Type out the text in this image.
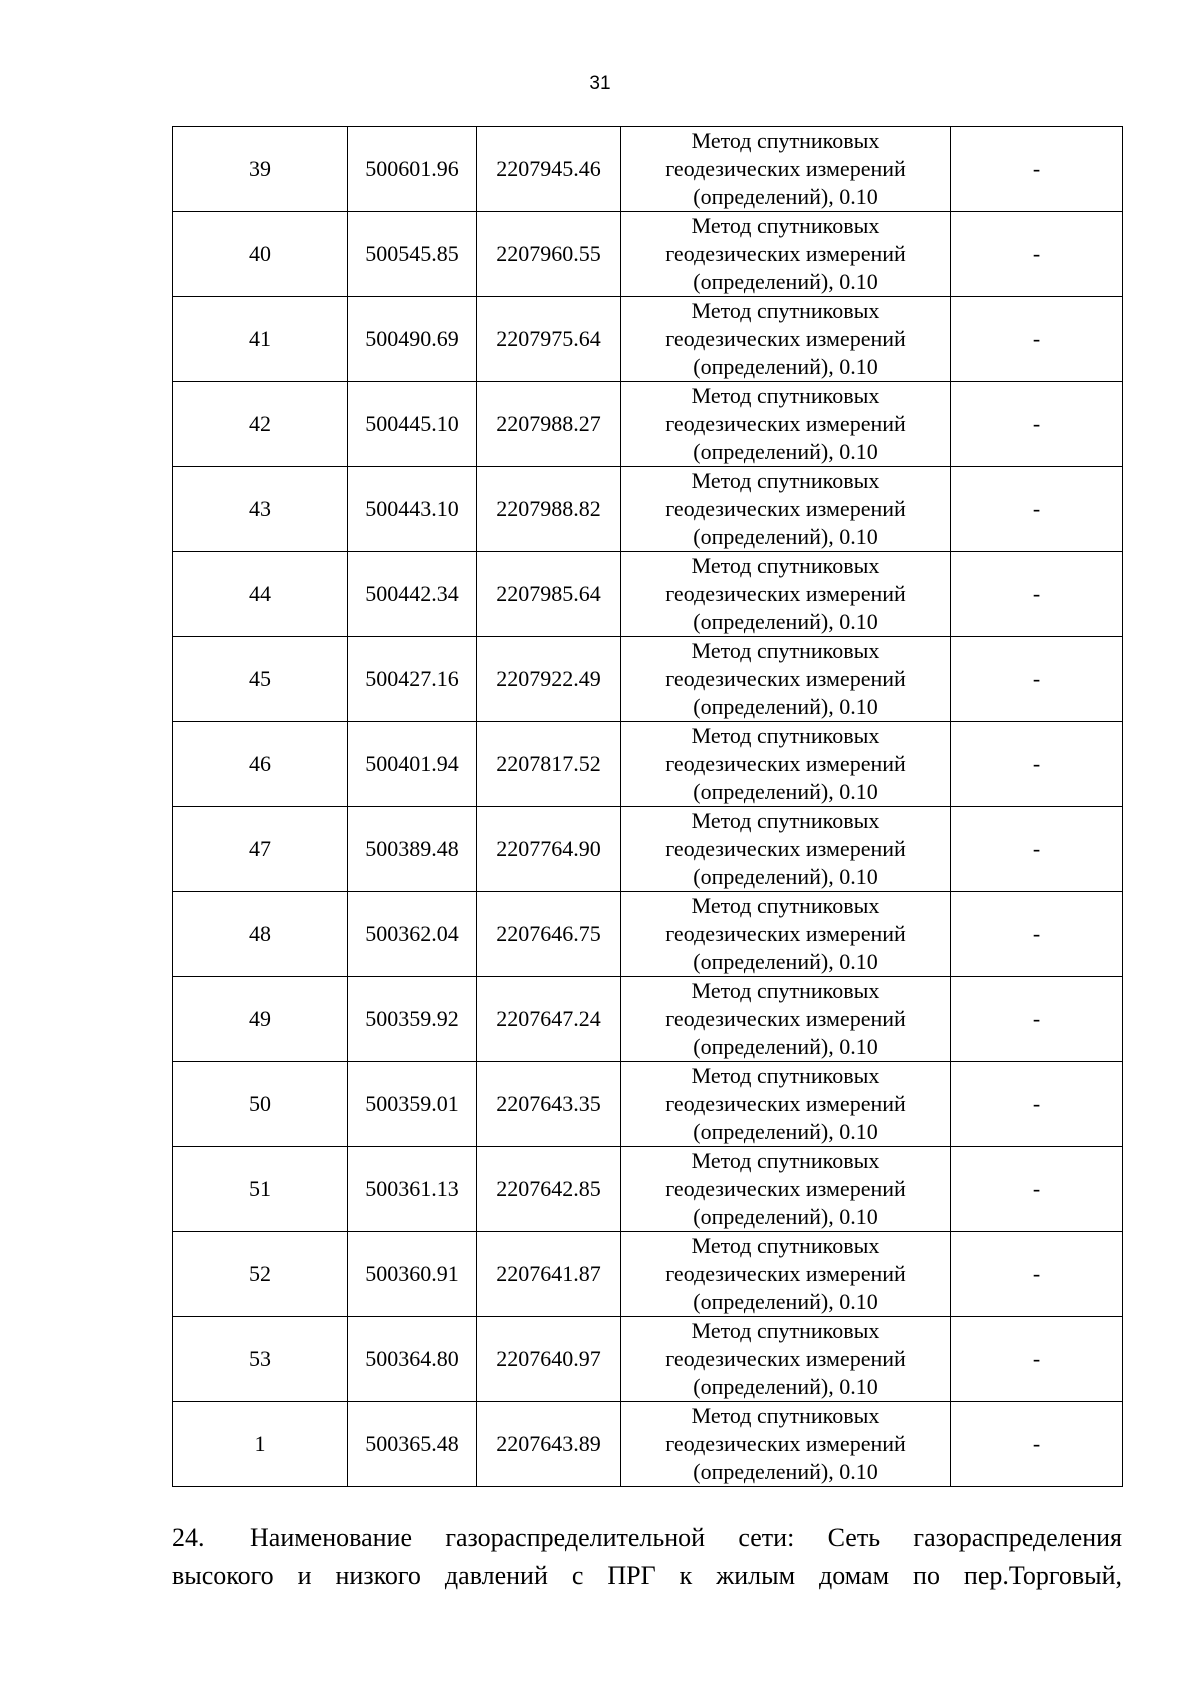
31
39	500601.96	2207945.46	Метод спутниковых
геодезических измерений
(определений), 0.10	-
40	500545.85	2207960.55	Метод спутниковых
геодезических измерений
(определений), 0.10	-
41	500490.69	2207975.64	Метод спутниковых
геодезических измерений
(определений), 0.10	-
42	500445.10	2207988.27	Метод спутниковых
геодезических измерений
(определений), 0.10	-
43	500443.10	2207988.82	Метод спутниковых
геодезических измерений
(определений), 0.10	-
44	500442.34	2207985.64	Метод спутниковых
геодезических измерений
(определений), 0.10	-
45	500427.16	2207922.49	Метод спутниковых
геодезических измерений
(определений), 0.10	-
46	500401.94	2207817.52	Метод спутниковых
геодезических измерений
(определений), 0.10	-
47	500389.48	2207764.90	Метод спутниковых
геодезических измерений
(определений), 0.10	-
48	500362.04	2207646.75	Метод спутниковых
геодезических измерений
(определений), 0.10	-
49	500359.92	2207647.24	Метод спутниковых
геодезических измерений
(определений), 0.10	-
50	500359.01	2207643.35	Метод спутниковых
геодезических измерений
(определений), 0.10	-
51	500361.13	2207642.85	Метод спутниковых
геодезических измерений
(определений), 0.10	-
52	500360.91	2207641.87	Метод спутниковых
геодезических измерений
(определений), 0.10	-
53	500364.80	2207640.97	Метод спутниковых
геодезических измерений
(определений), 0.10	-
1	500365.48	2207643.89	Метод спутниковых
геодезических измерений
(определений), 0.10	-
24. Наименование газораспределительной сети: Сеть газораспределения
высокого и низкого давлений с ПРГ к жилым домам по пер.Торговый,
